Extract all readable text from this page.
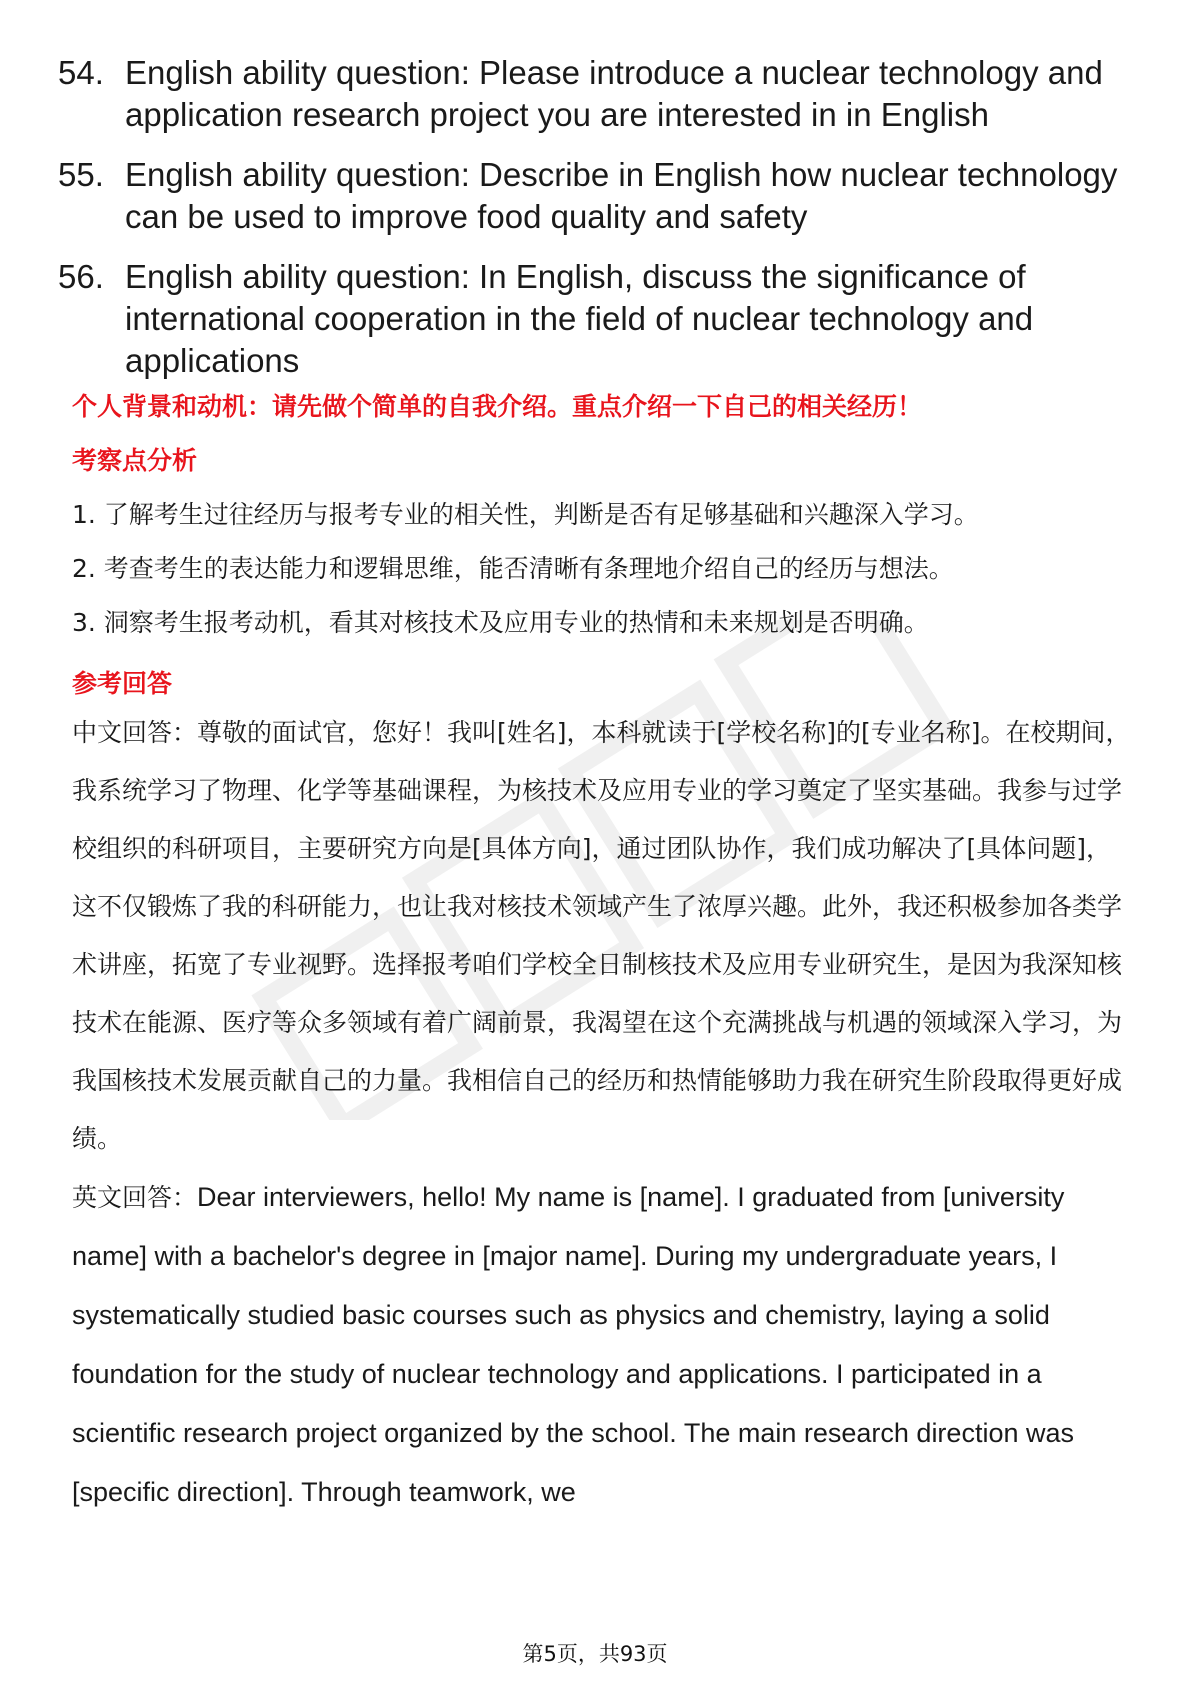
54. English ability question: Please introduce a nuclear technology and application research project you are interested in in English
55. English ability question: Describe in English how nuclear technology can be used to improve food quality and safety
56. English ability question: In English, discuss the significance of international cooperation in the field of nuclear technology and applications

个人背景和动机：请先做个简单的自我介绍。重点介绍一下自己的相关经历！

考察点分析

1. 了解考生过往经历与报考专业的相关性，判断是否有足够基础和兴趣深入学习。

2. 考查考生的表达能力和逻辑思维，能否清晰有条理地介绍自己的经历与想法。

3. 洞察考生报考动机，看其对核技术及应用专业的热情和未来规划是否明确。

参考回答

中文回答：尊敬的面试官，您好！我叫[姓名]，本科就读于[学校名称]的[专业名称]。在校期间，我系统学习了物理、化学等基础课程，为核技术及应用专业的学习奠定了坚实基础。我参与过学校组织的科研项目，主要研究方向是[具体方向]，通过团队协作，我们成功解决了[具体问题]，这不仅锻炼了我的科研能力，也让我对核技术领域产生了浓厚兴趣。此外，我还积极参加各类学术讲座，拓宽了专业视野。选择报考咱们学校全日制核技术及应用专业研究生，是因为我深知核技术在能源、医疗等众多领域有着广阔前景，我渴望在这个充满挑战与机遇的领域深入学习，为我国核技术发展贡献自己的力量。我相信自己的经历和热情能够助力我在研究生阶段取得更好成绩。

英文回答：Dear interviewers, hello! My name is [name]. I graduated from [university name] with a bachelor's degree in [major name]. During my undergraduate years, I systematically studied basic courses such as physics and chemistry, laying a solid foundation for the study of nuclear technology and applications. I participated in a scientific research project organized by the school. The main research direction was [specific direction]. Through teamwork, we

第5页，共93页
